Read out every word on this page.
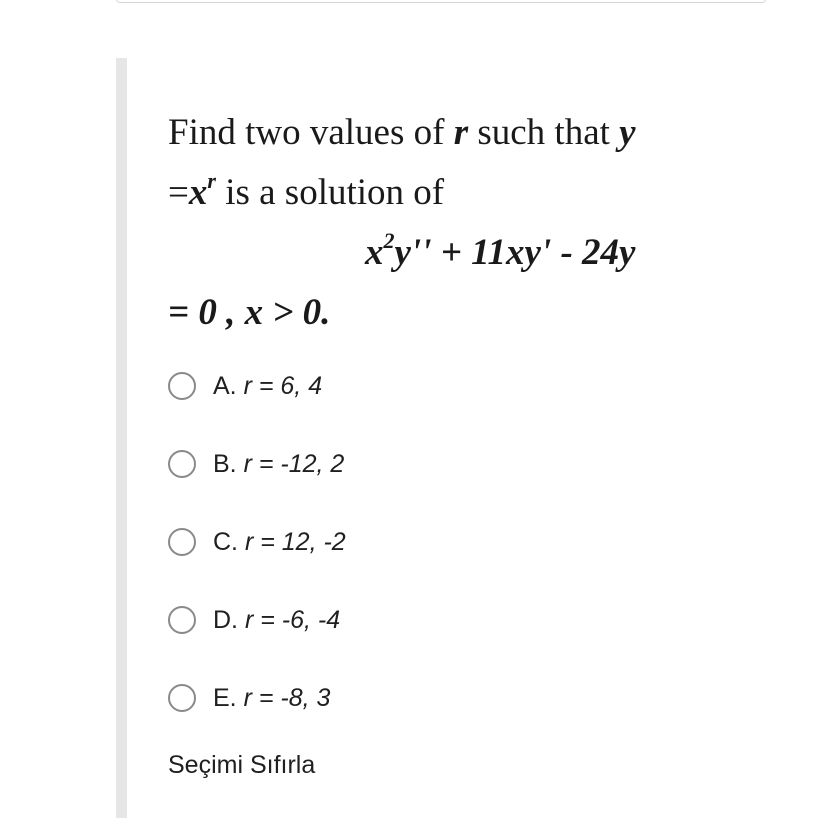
Find two values of r such that y
$=x^r$ is a solution of
$x^2y'' + 11xy' - 24y$
= 0 , x > 0.
A. r = 6, 4
B. r = -12, 2
C. r = 12, -2
D. r = -6, -4
E. r = -8, 3
Seçimi Sıfırla
